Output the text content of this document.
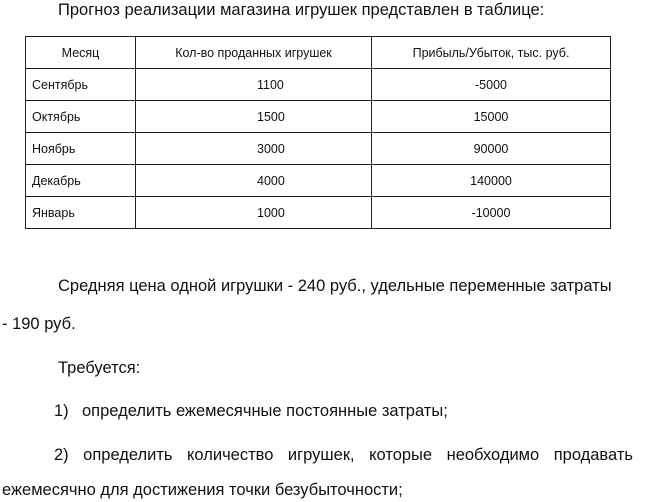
Прогноз реализации магазина игрушек представлен в таблице:
Месяц	Кол-во проданных игрушек	Прибыль/Убыток, тыс. руб.
Сентябрь	1100	-5000
Октябрь	1500	15000
Ноябрь	3000	90000
Декабрь	4000	140000
Январь	1000	-10000
Средняя цена одной игрушки - 240 руб., удельные переменные затраты
- 190 руб.
Требуется:
1) определить ежемесячные постоянные затраты;
2) определить количество игрушек, которые необходимо продавать
ежемесячно для достижения точки безубыточности;
